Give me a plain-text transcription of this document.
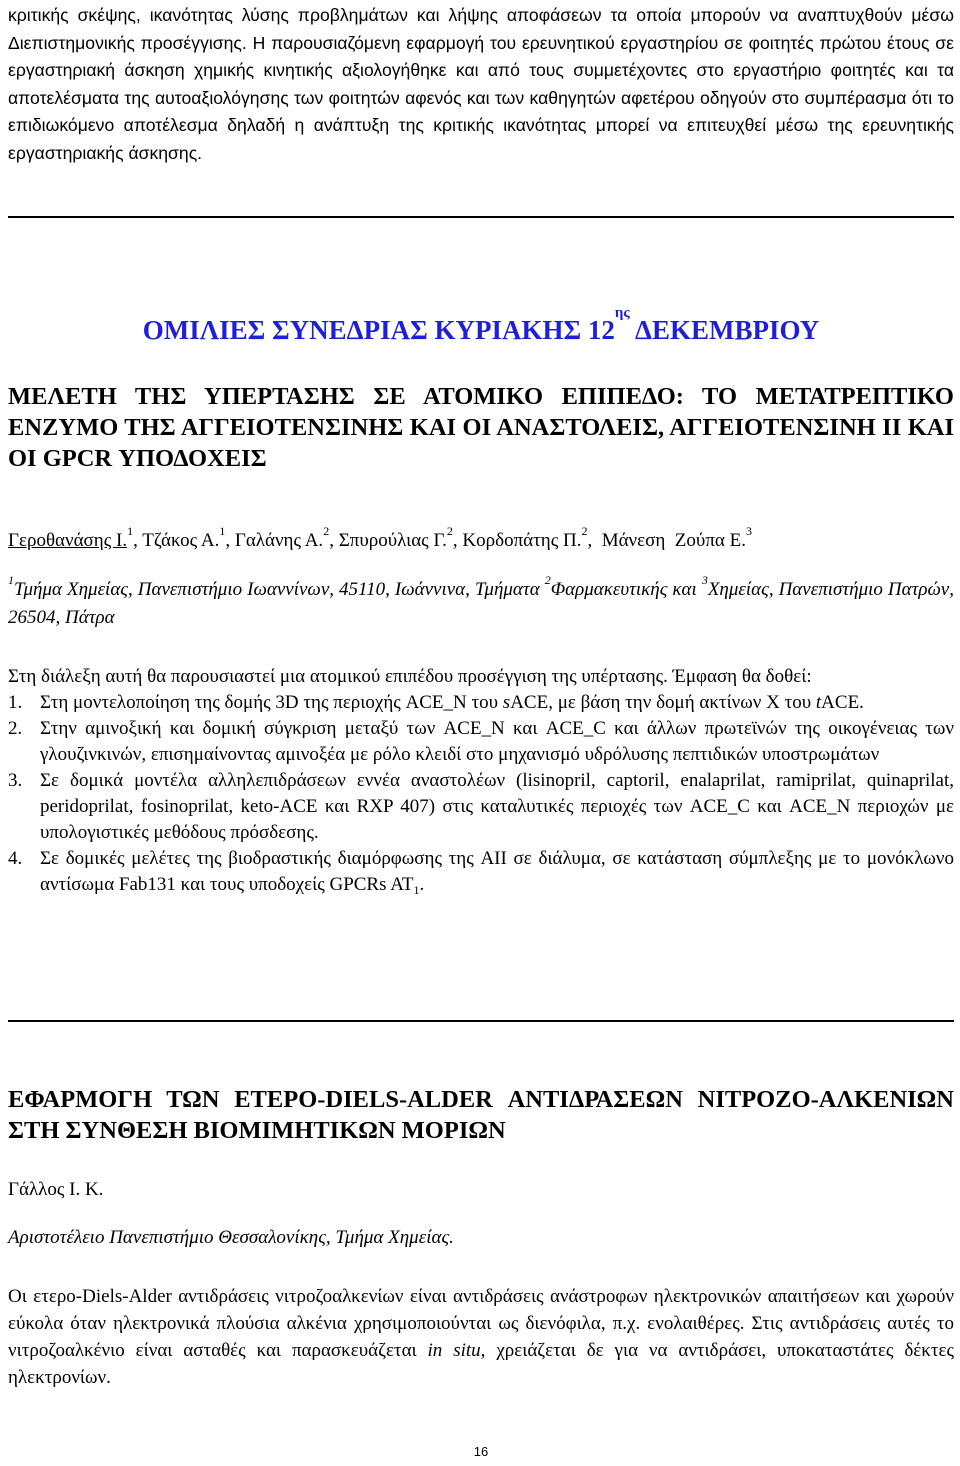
κριτικής σκέψης, ικανότητας λύσης προβλημάτων και λήψης αποφάσεων τα οποία μπορούν να αναπτυχθούν μέσω Διεπιστημονικής προσέγγισης. Η παρουσιαζόμενη εφαρμογή του ερευνητικού εργαστηρίου σε φοιτητές πρώτου έτους σε εργαστηριακή άσκηση χημικής κινητικής αξιολογήθηκε και από τους συμμετέχοντες στο εργαστήριο φοιτητές και τα αποτελέσματα της αυτοαξιολόγησης των φοιτητών αφενός και των καθηγητών αφετέρου οδηγούν στο συμπέρασμα ότι το επιδιωκόμενο αποτέλεσμα δηλαδή η ανάπτυξη της κριτικής ικανότητας μπορεί να επιτευχθεί μέσω της ερευνητικής εργαστηριακής άσκησης.

ΟΜΙΛΙΕΣ ΣΥΝΕΔΡΙΑΣ ΚΥΡΙΑΚΗΣ $12^{\eta\varsigma}$ ΔΕΚΕΜΒΡΙΟΥ
ΜΕΛΕΤΗ ΤΗΣ ΥΠΕΡΤΑΣΗΣ ΣΕ ΑΤΟΜΙΚΟ ΕΠΙΠΕΔΟ: ΤΟ ΜΕΤΑΤΡΕΠΤΙΚΟ ΕΝΖΥΜΟ ΤΗΣ ΑΓΓΕΙΟΤΕΝΣΙΝΗΣ ΚΑΙ ΟΙ ΑΝΑΣΤΟΛΕΙΣ, ΑΓΓΕΙΟΤΕΝΣΙΝΗ ΙΙ ΚΑΙ ΟΙ GPCR ΥΠΟΔΟΧΕΙΣ
Γεροθανάσης Ι.$^1$, Τζάκος Α.$^1$, Γαλάνης Α.$^2$, Σπυρούλιας Γ.$^2$, Κορδοπάτης Π.$^2$,  Μάνεση  Ζούπα Ε.$^3$
$^1$Τμήμα Χημείας, Πανεπιστήμιο Ιωαννίνων, 45110, Ιωάννινα, Τμήματα $^2$Φαρμακευτικής και $^3$Χημείας, Πανεπιστήμιο Πατρών, 26504, Πάτρα
Στη διάλεξη αυτή θα παρουσιαστεί μια ατομικού επιπέδου προσέγγιση της υπέρτασης. Έμφαση θα δοθεί:
1. Στη μοντελοποίηση της δομής 3D της περιοχής ACE_N του sACE, με βάση την δομή ακτίνων Χ του tACE.
2. Στην αμινοξική και δομική σύγκριση μεταξύ των ACE_N και ACE_C και άλλων πρωτεϊνών της οικογένειας των γλουζινκινών, επισημαίνοντας αμινοξέα με ρόλο κλειδί στο μηχανισμό υδρόλυσης πεπτιδικών υποστρωμάτων
3. Σε δομικά μοντέλα αλληλεπιδράσεων εννέα αναστολέων (lisinopril, captoril, enalaprilat, ramiprilat, quinaprilat, peridoprilat, fosinoprilat, keto-ACE και RXP 407) στις καταλυτικές περιοχές των ACE_C και ACE_N περιοχών με υπολογιστικές μεθόδους πρόσδεσης.
4. Σε δομικές μελέτες της βιοδραστικής διαμόρφωσης της AII σε διάλυμα, σε κατάσταση σύμπλεξης με το μονόκλωνο αντίσωμα Fab131 και τους υποδοχείς GPCRs $AT_1$.
ΕΦΑΡΜΟΓΗ ΤΩΝ ΕΤΕΡΟ-DIELS-ALDER ΑΝΤΙΔΡΑΣΕΩΝ ΝΙΤΡΟΖΟ-ΑΛΚΕΝΙΩΝ ΣΤΗ ΣΥΝΘΕΣΗ ΒΙΟΜΙΜΗΤΙΚΩΝ ΜΟΡΙΩΝ
Γάλλος Ι. Κ.
Αριστοτέλειο Πανεπιστήμιο Θεσσαλονίκης, Τμήμα Χημείας.
Οι ετερο-Diels-Alder αντιδράσεις νιτροζοαλκενίων είναι αντιδράσεις ανάστροφων ηλεκτρονικών απαιτήσεων και χωρούν εύκολα όταν ηλεκτρονικά πλούσια αλκένια χρησιμοποιούνται ως διενόφιλα, π.χ. ενολαιθέρες. Στις αντιδράσεις αυτές το νιτροζοαλκένιο είναι ασταθές και παρασκευάζεται in situ, χρειάζεται δε για να αντιδράσει, υποκαταστάτες δέκτες ηλεκτρονίων.
16
